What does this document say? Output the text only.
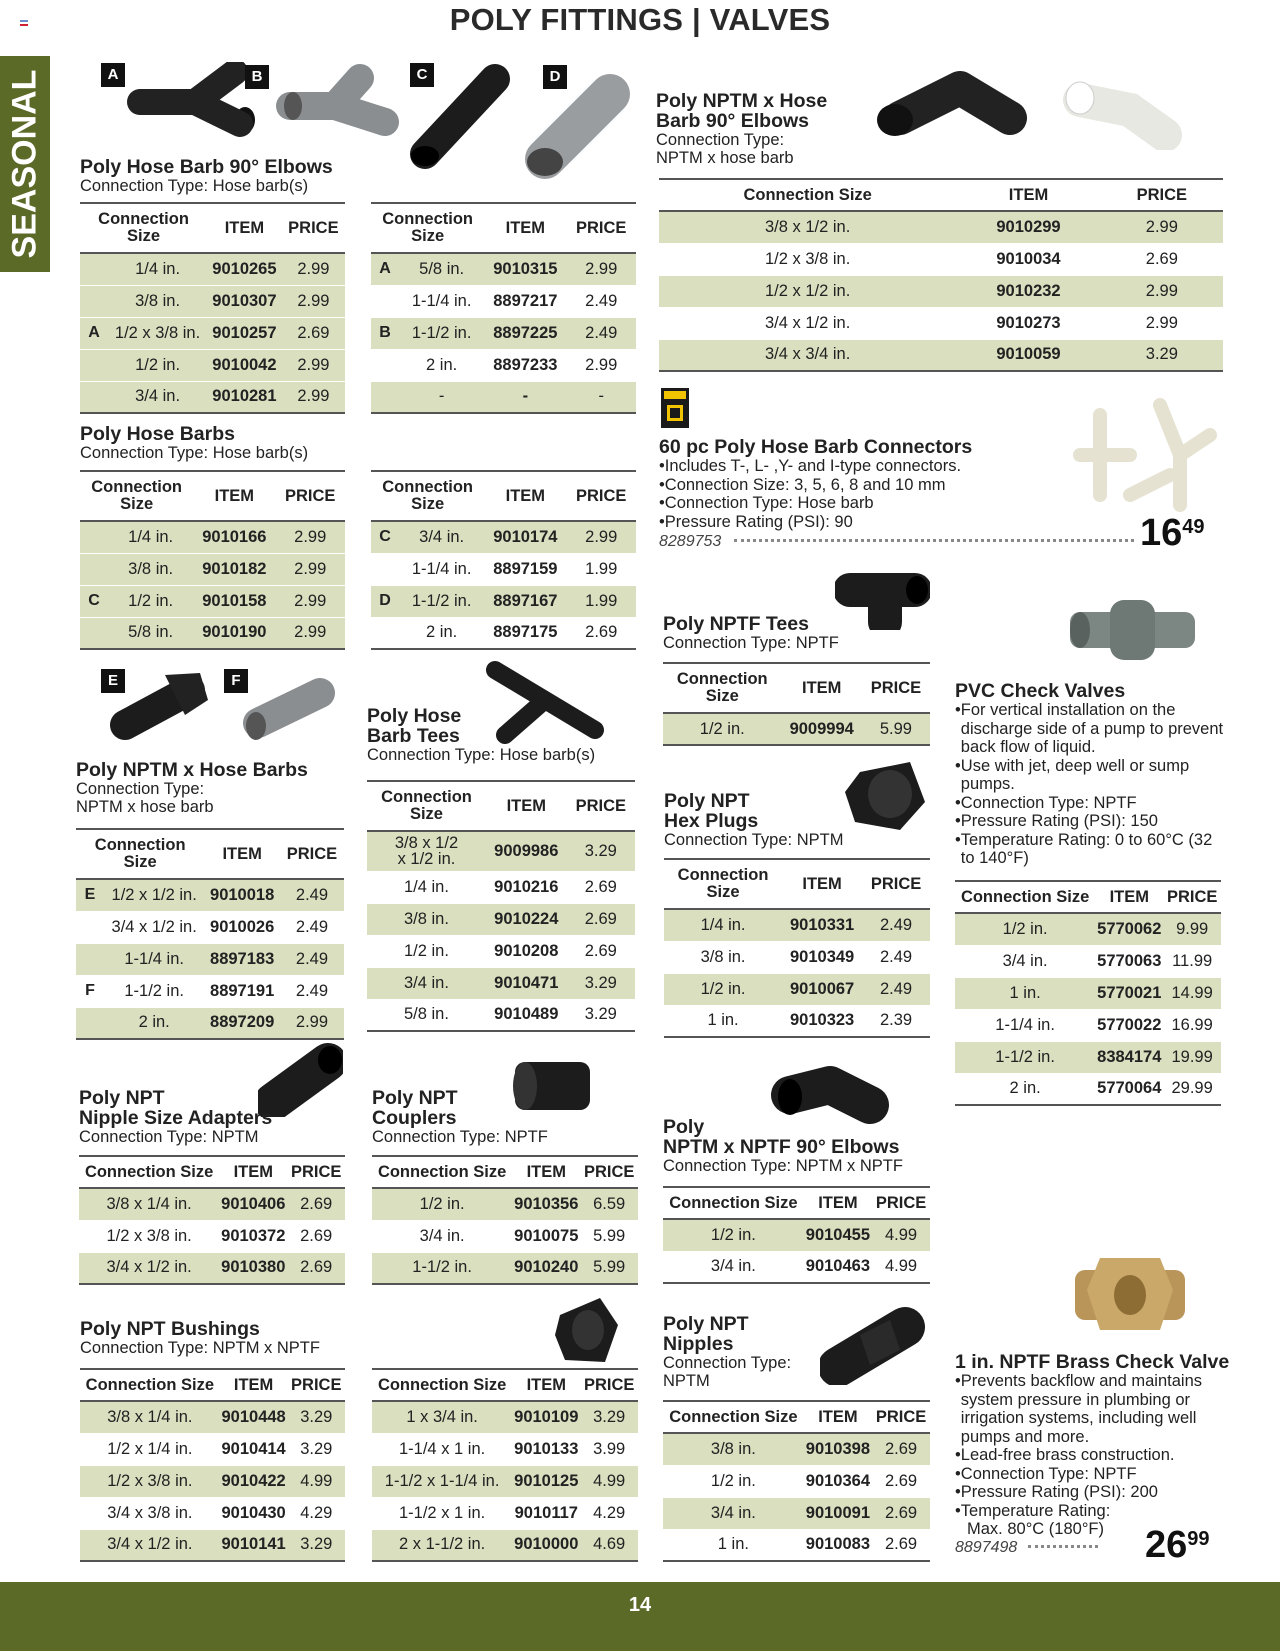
POLY FITTINGS | VALVES
SEASONAL	A	B	C	D
E	F
Poly Hose Barb 90° Elbows
Connection Type: Hose barb(s)
Connection
Size		ITEM	PRICE
	1/4 in.	9010265	2.99
	3/8 in.	9010307	2.99
A	1/2 x 3/8 in.	9010257	2.69
	1/2 in.	9010042	2.99
	3/4 in.	9010281	2.99
Connection
Size		ITEM	PRICE
A	5/8 in.	9010315	2.99
	1-1/4 in.	8897217	2.49
B	1-1/2 in.	8897225	2.49
	2 in.	8897233	2.99
	-	-	-
Poly Hose Barbs
Connection Type: Hose barb(s)
Connection
Size		ITEM	PRICE
	1/4 in.	9010166	2.99
	3/8 in.	9010182	2.99
C	1/2 in.	9010158	2.99
	5/8 in.	9010190	2.99
Connection
Size		ITEM	PRICE
C	3/4 in.	9010174	2.99
	1-1/4 in.	8897159	1.99
D	1-1/2 in.	8897167	1.99
	2 in.	8897175	2.69
Poly NPTM x Hose Barbs
Connection Type:
NPTM x hose barb
Connection
Size		ITEM	PRICE
E	1/2 x 1/2 in.	9010018	2.49
	3/4 x 1/2 in.	9010026	2.49
	1-1/4 in.	8897183	2.49
F	1-1/2 in.	8897191	2.49
	2 in.	8897209	2.99
Poly Hose
Barb Tees
Connection Type: Hose barb(s)
Connection
Size	ITEM	PRICE
3/8 x 1/2
x 1/2 in.	9009986	3.29
1/4 in.	9010216	2.69
3/8 in.	9010224	2.69
1/2 in.	9010208	2.69
3/4 in.	9010471	3.29
5/8 in.	9010489	3.29
Poly NPTM x Hose
Barb 90° Elbows
Connection Type:
NPTM x hose barb
Connection Size	ITEM	PRICE
3/8 x 1/2 in.	9010299	2.99
1/2 x 3/8 in.	9010034	2.69
1/2 x 1/2 in.	9010232	2.99
3/4 x 1/2 in.	9010273	2.99
3/4 x 3/4 in.	9010059	3.29
60 pc Poly Hose Barb Connectors
•Includes T-, L- ,Y- and I-type connectors.
•Connection Size: 3, 5, 6, 8 and 10 mm
•Connection Type: Hose barb
•Pressure Rating (PSI): 90
8289753	$16^{49}$
Poly NPTF Tees
Connection Type: NPTF
Connection
Size	ITEM	PRICE
1/2 in.	9009994	5.99
Poly NPT
Hex Plugs
Connection Type: NPTM
Connection
Size	ITEM	PRICE
1/4 in.	9010331	2.49
3/8 in.	9010349	2.49
1/2 in.	9010067	2.49
1 in.	9010323	2.39
PVC Check Valves
• For vertical installation on the discharge side of a pump to prevent back flow of liquid.
• Use with jet, deep well or sump pumps.
• Connection Type: NPTF
• Pressure Rating (PSI): 150
• Temperature Rating: 0 to 60°C (32 to 140°F)
Connection Size	ITEM	PRICE
1/2 in.	5770062	9.99
3/4 in.	5770063	11.99
1 in.	5770021	14.99
1-1/4 in.	5770022	16.99
1-1/2 in.	8384174	19.99
2 in.	5770064	29.99
Poly NPT
Nipple Size Adapters
Connection Type: NPTM
Connection Size	ITEM	PRICE
3/8 x 1/4 in.	9010406	2.69
1/2 x 3/8 in.	9010372	2.69
3/4 x 1/2 in.	9010380	2.69
Poly NPT
Couplers
Connection Type: NPTF
Connection Size	ITEM	PRICE
1/2 in.	9010356	6.59
3/4 in.	9010075	5.99
1-1/2 in.	9010240	5.99
Poly
NPTM x NPTF 90° Elbows
Connection Type: NPTM x NPTF
Connection Size	ITEM	PRICE
1/2 in.	9010455	4.99
3/4 in.	9010463	4.99
Poly NPT Bushings
Connection Type: NPTM x NPTF
Connection Size	ITEM	PRICE
3/8 x 1/4 in.	9010448	3.29
1/2 x 1/4 in.	9010414	3.29
1/2 x 3/8 in.	9010422	4.99
3/4 x 3/8 in.	9010430	4.29
3/4 x 1/2 in.	9010141	3.29
Connection Size	ITEM	PRICE
1 x 3/4 in.	9010109	3.29
1-1/4 x 1 in.	9010133	3.99
1-1/2 x 1-1/4 in.	9010125	4.99
1-1/2 x 1 in.	9010117	4.29
2 x 1-1/2 in.	9010000	4.69
Poly NPT
Nipples
Connection Type:
NPTM
Connection Size	ITEM	PRICE
3/8 in.	9010398	2.69
1/2 in.	9010364	2.69
3/4 in.	9010091	2.69
1 in.	9010083	2.69
1 in. NPTF Brass Check Valve
• Prevents backflow and maintains system pressure in plumbing or irrigation systems, including well pumps and more.
• Lead-free brass construction.
• Connection Type: NPTF
• Pressure Rating (PSI): 200
• Temperature Rating:
Max. 80°C (180°F)
8897498	$26^{99}$
14
